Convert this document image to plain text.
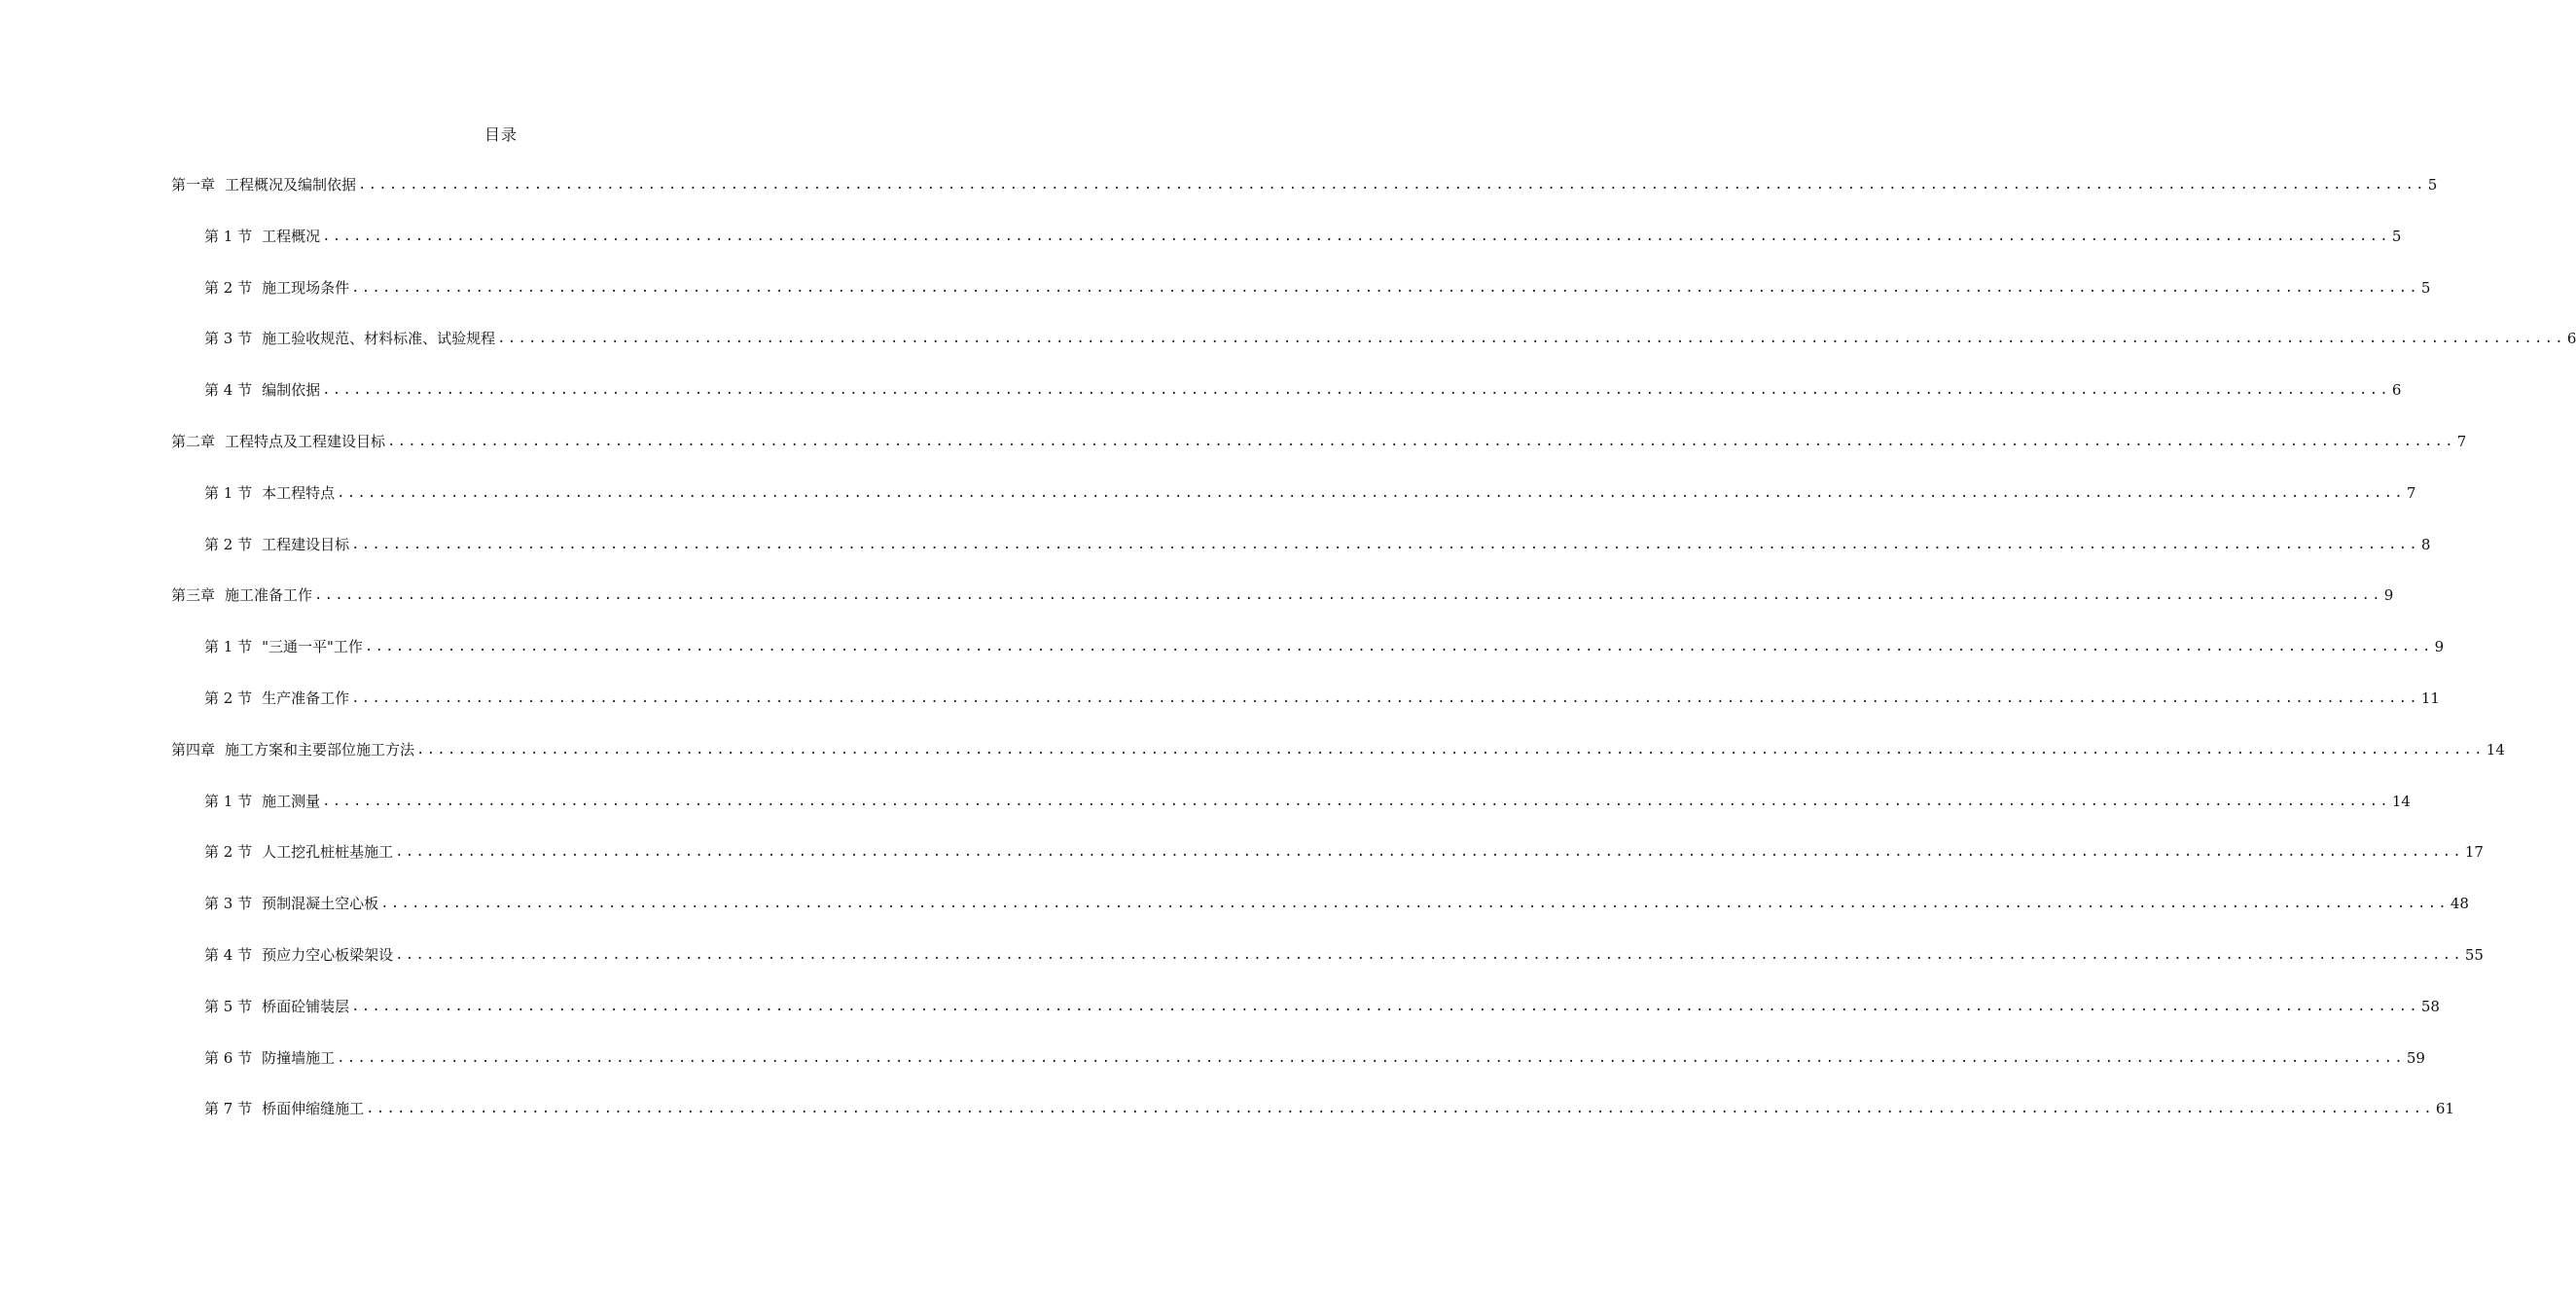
目录
第一章 工程概况及编制依据 ........................................................................................................................................................................................................ 5
第 1 节 工程概况 ........................................................................................................................................................................................................ 5
第 2 节 施工现场条件 ........................................................................................................................................................................................................ 5
第 3 节 施工验收规范、材料标准、试验规程 ........................................................................................................................................................................................................ 6
第 4 节 编制依据 ........................................................................................................................................................................................................ 6
第二章 工程特点及工程建设目标 ........................................................................................................................................................................................................ 7
第 1 节 本工程特点 ........................................................................................................................................................................................................ 7
第 2 节 工程建设目标 ........................................................................................................................................................................................................ 8
第三章 施工准备工作 ........................................................................................................................................................................................................ 9
第 1 节 "三通一平"工作 ........................................................................................................................................................................................................ 9
第 2 节 生产准备工作 ........................................................................................................................................................................................................ 11
第四章 施工方案和主要部位施工方法 ........................................................................................................................................................................................................ 14
第 1 节 施工测量 ........................................................................................................................................................................................................ 14
第 2 节 人工挖孔桩桩基施工 ........................................................................................................................................................................................................ 17
第 3 节 预制混凝土空心板 ........................................................................................................................................................................................................ 48
第 4 节 预应力空心板梁架设 ........................................................................................................................................................................................................ 55
第 5 节 桥面砼铺装层 ........................................................................................................................................................................................................ 58
第 6 节 防撞墙施工 ........................................................................................................................................................................................................ 59
第 7 节 桥面伸缩缝施工 ........................................................................................................................................................................................................ 61
